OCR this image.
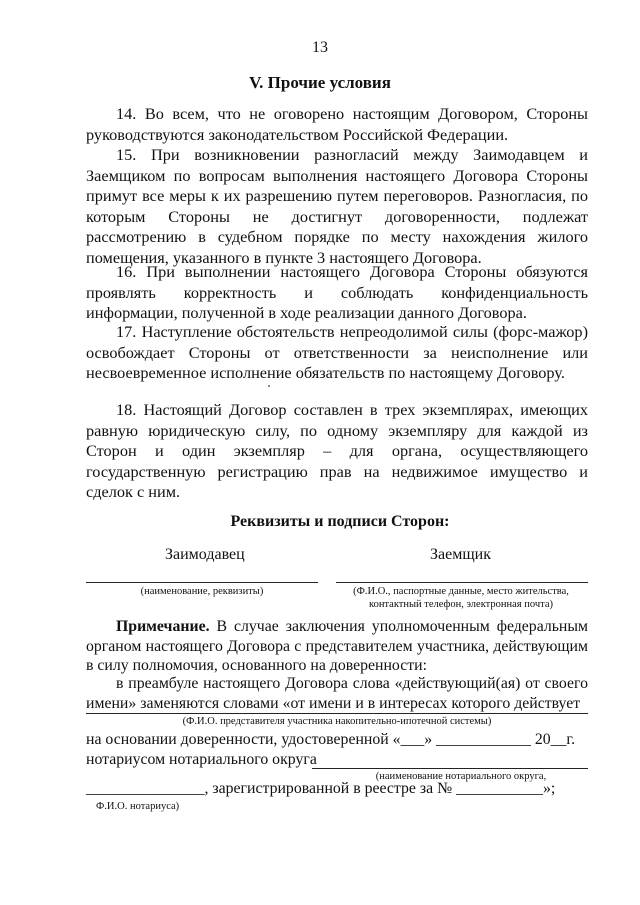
13
V. Прочие условия

14. Во всем, что не оговорено настоящим Договором, Стороны руководствуются законодательством Российской Федерации.

15. При возникновении разногласий между Заимодавцем и Заемщиком по вопросам выполнения настоящего Договора Стороны примут все меры к их разрешению путем переговоров. Разногласия, по которым Стороны не достигнут договоренности, подлежат рассмотрению в судебном порядке по месту нахождения жилого помещения, указанного в пункте 3 настоящего Договора.

16. При выполнении настоящего Договора Стороны обязуются проявлять корректность и соблюдать конфиденциальность информации, полученной в ходе реализации данного Договора.

17. Наступление обстоятельств непреодолимой силы (форс-мажор) освобождает Стороны от ответственности за неисполнение или несвоевременное исполнение обязательств по настоящему Договору.

18. Настоящий Договор составлен в трех экземплярах, имеющих равную юридическую силу, по одному экземпляру для каждой из Сторон и один экземпляр – для органа, осуществляющего государственную регистрацию прав на недвижимое имущество и сделок с ним.

Реквизиты и подписи Сторон:
Заимодавец	Заемщик
(наименование, реквизиты)	(Ф.И.О., паспортные данные, место жительства,
контактный телефон, электронная почта)

Примечание. В случае заключения уполномоченным федеральным органом настоящего Договора с представителем участника, действующим в силу полномочия, основанного на доверенности:

в преамбуле настоящего Договора слова «действующий(ая) от своего имени» заменяются словами «от имени и в интересах которого действует

(Ф.И.О. представителя участника накопительно-ипотечной системы)
на основании доверенности, удостоверенной «___» ____________ 20__г.
нотариусом нотариального округа
(наименование нотариального округа,
_______________, зарегистрированной в реестре за № ___________»;
Ф.И.О. нотариуса)
